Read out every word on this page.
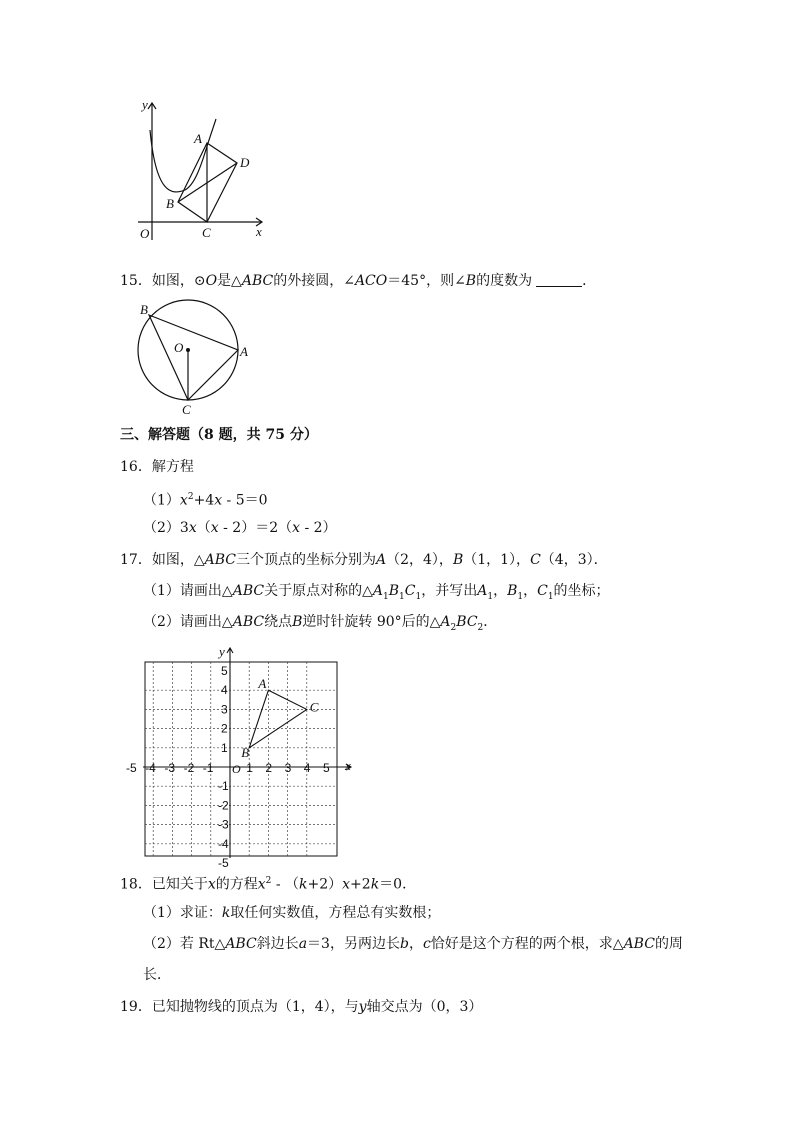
y
A
D
B
O	C	x
15．如图，⊙O是△ABC的外接圆，∠ACO＝45°，则∠B的度数为	．
B
O	A
C
三、解答题（8 题，共 75 分）
16．解方程
$(1)x^2+4x - 5=0$
（2）3x（x - 2）＝2（x - 2）
17．如图，△ABC三个顶点的坐标分别为A（2，4），B（1，1），C（4，3）．
（1）请画出△ABC关于原点对称的$\triangle A_1B_1C_1$，并写出$A_1$，$B_1$，$C_1$的坐标；
（2）请画出△ABC绕点B逆时针旋转 90°后的$\triangle A_2BC_2$．
-5 -4 -3 -2 -1	1 2 3 4 5
5
4
3
2
1
-1
-2
-3
-4
-5
y
x
O
A
B
C
18．已知关于x的方程$x^2 - (k+2)x+2k=0$．
（1）求证：k取任何实数值，方程总有实数根；
（2）若 Rt△ABC斜边长a＝3，另两边长b，c恰好是这个方程的两个根，求△ABC的周
长．
19．已知抛物线的顶点为（1，4），与y轴交点为（0，3）
